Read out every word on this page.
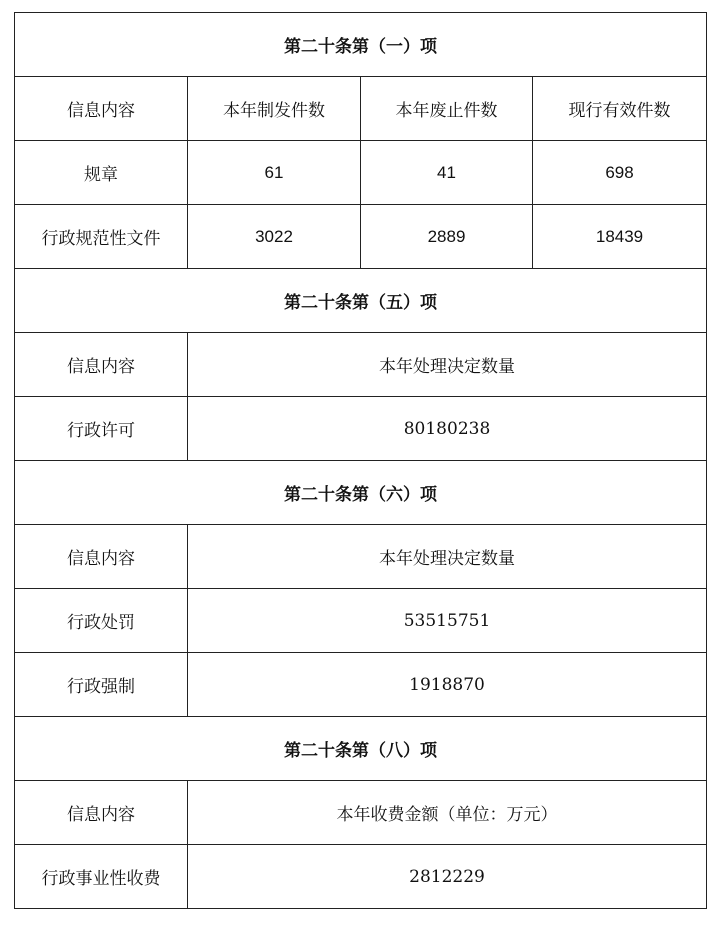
第二十条第（一）项			
信息内容	本年制发件数	本年废止件数	现行有效件数
规章	61	41	698
行政规范性文件	3022	2889	18439
第二十条第（五）项			
信息内容	本年处理决定数量		
行政许可	80180238		
第二十条第（六）项			
信息内容	本年处理决定数量		
行政处罚	53515751		
行政强制	1918870		
第二十条第（八）项			
信息内容	本年收费金额（单位：万元）		
行政事业性收费	2812229		
